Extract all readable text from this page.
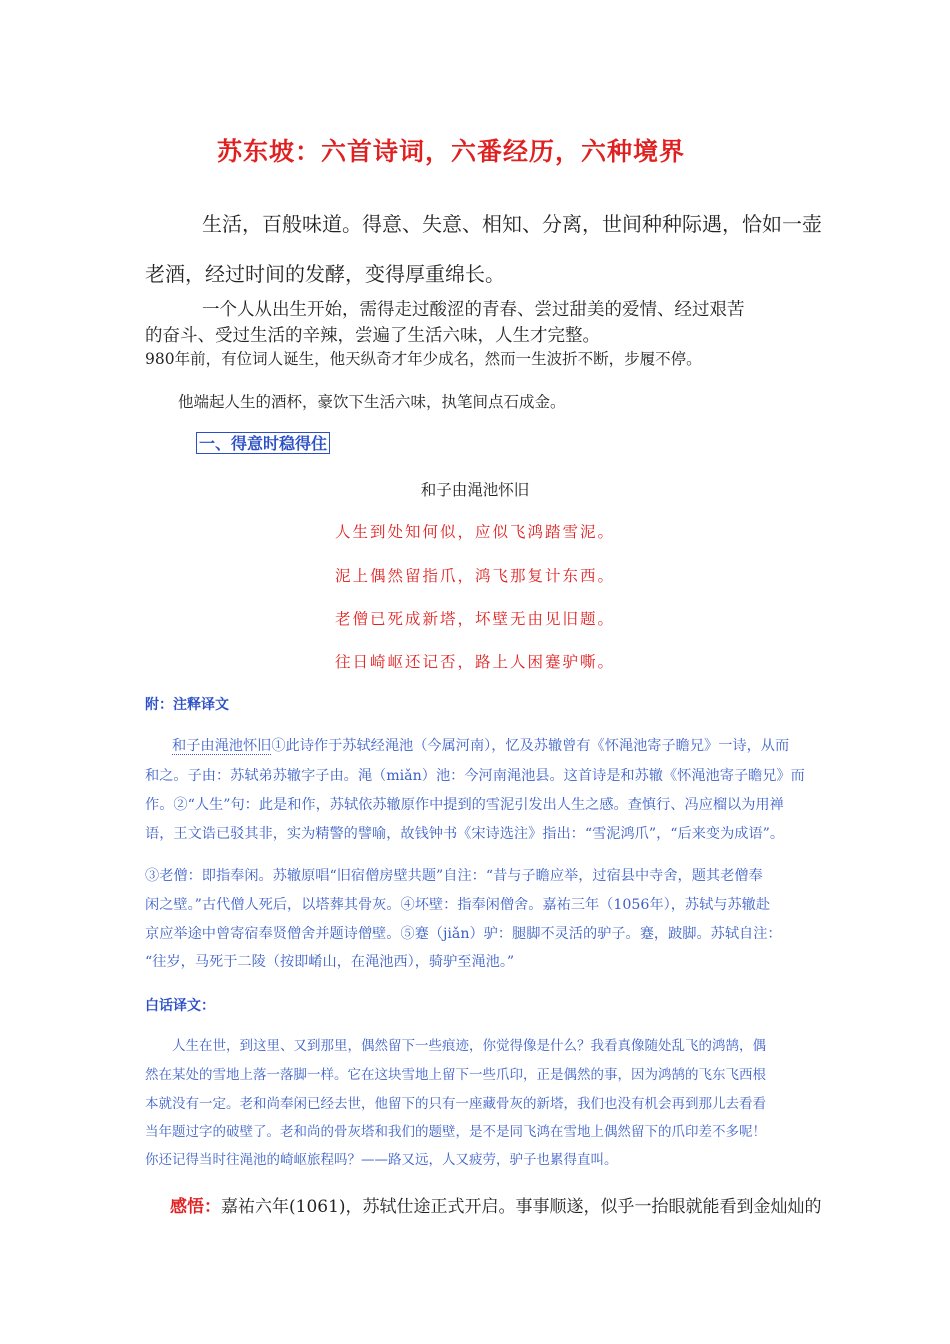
苏东坡：六首诗词，六番经历，六种境界
生活，百般味道。得意、失意、相知、分离，世间种种际遇，恰如一壶
老酒，经过时间的发酵，变得厚重绵长。
一个人从出生开始，需得走过酸涩的青春、尝过甜美的爱情、经过艰苦
的奋斗、受过生活的辛辣，尝遍了生活六味，人生才完整。
980年前，有位词人诞生，他天纵奇才年少成名，然而一生波折不断，步履不停。
他端起人生的酒杯，豪饮下生活六味，执笔间点石成金。
一、得意时稳得住
和子由渑池怀旧
人生到处知何似，应似飞鸿踏雪泥。
泥上偶然留指爪，鸿飞那复计东西。
老僧已死成新塔，坏壁无由见旧题。
往日崎岖还记否，路上人困蹇驴嘶。
附：注释译文
和子由渑池怀旧①此诗作于苏轼经渑池（今属河南），忆及苏辙曾有《怀渑池寄子瞻兄》一诗，从而
和之。子由：苏轼弟苏辙字子由。渑（miǎn）池：今河南渑池县。这首诗是和苏辙《怀渑池寄子瞻兄》而
作。②“人生”句：此是和作，苏轼依苏辙原作中提到的雪泥引发出人生之感。查慎行、冯应榴以为用禅
语，王文诰已驳其非，实为精警的譬喻，故钱钟书《宋诗选注》指出：“雪泥鸿爪”，“后来变为成语”。
③老僧：即指奉闲。苏辙原唱“旧宿僧房壁共题”自注：“昔与子瞻应举，过宿县中寺舍，题其老僧奉
闲之壁。”古代僧人死后，以塔葬其骨灰。④坏壁：指奉闲僧舍。嘉祐三年（1056年），苏轼与苏辙赴
京应举途中曾寄宿奉贤僧舍并题诗僧壁。⑤蹇（jiǎn）驴：腿脚不灵活的驴子。蹇，跛脚。苏轼自注：
“往岁，马死于二陵（按即崤山，在渑池西），骑驴至渑池。”
白话译文：
人生在世，到这里、又到那里，偶然留下一些痕迹，你觉得像是什么？我看真像随处乱飞的鸿鹄，偶
然在某处的雪地上落一落脚一样。它在这块雪地上留下一些爪印，正是偶然的事，因为鸿鹄的飞东飞西根
本就没有一定。老和尚奉闲已经去世，他留下的只有一座藏骨灰的新塔，我们也没有机会再到那儿去看看
当年题过字的破壁了。老和尚的骨灰塔和我们的题壁，是不是同飞鸿在雪地上偶然留下的爪印差不多呢！
你还记得当时往渑池的崎岖旅程吗？——路又远，人又疲劳，驴子也累得直叫。
感悟：嘉祐六年(1061)，苏轼仕途正式开启。事事顺遂，似乎一抬眼就能看到金灿灿的
